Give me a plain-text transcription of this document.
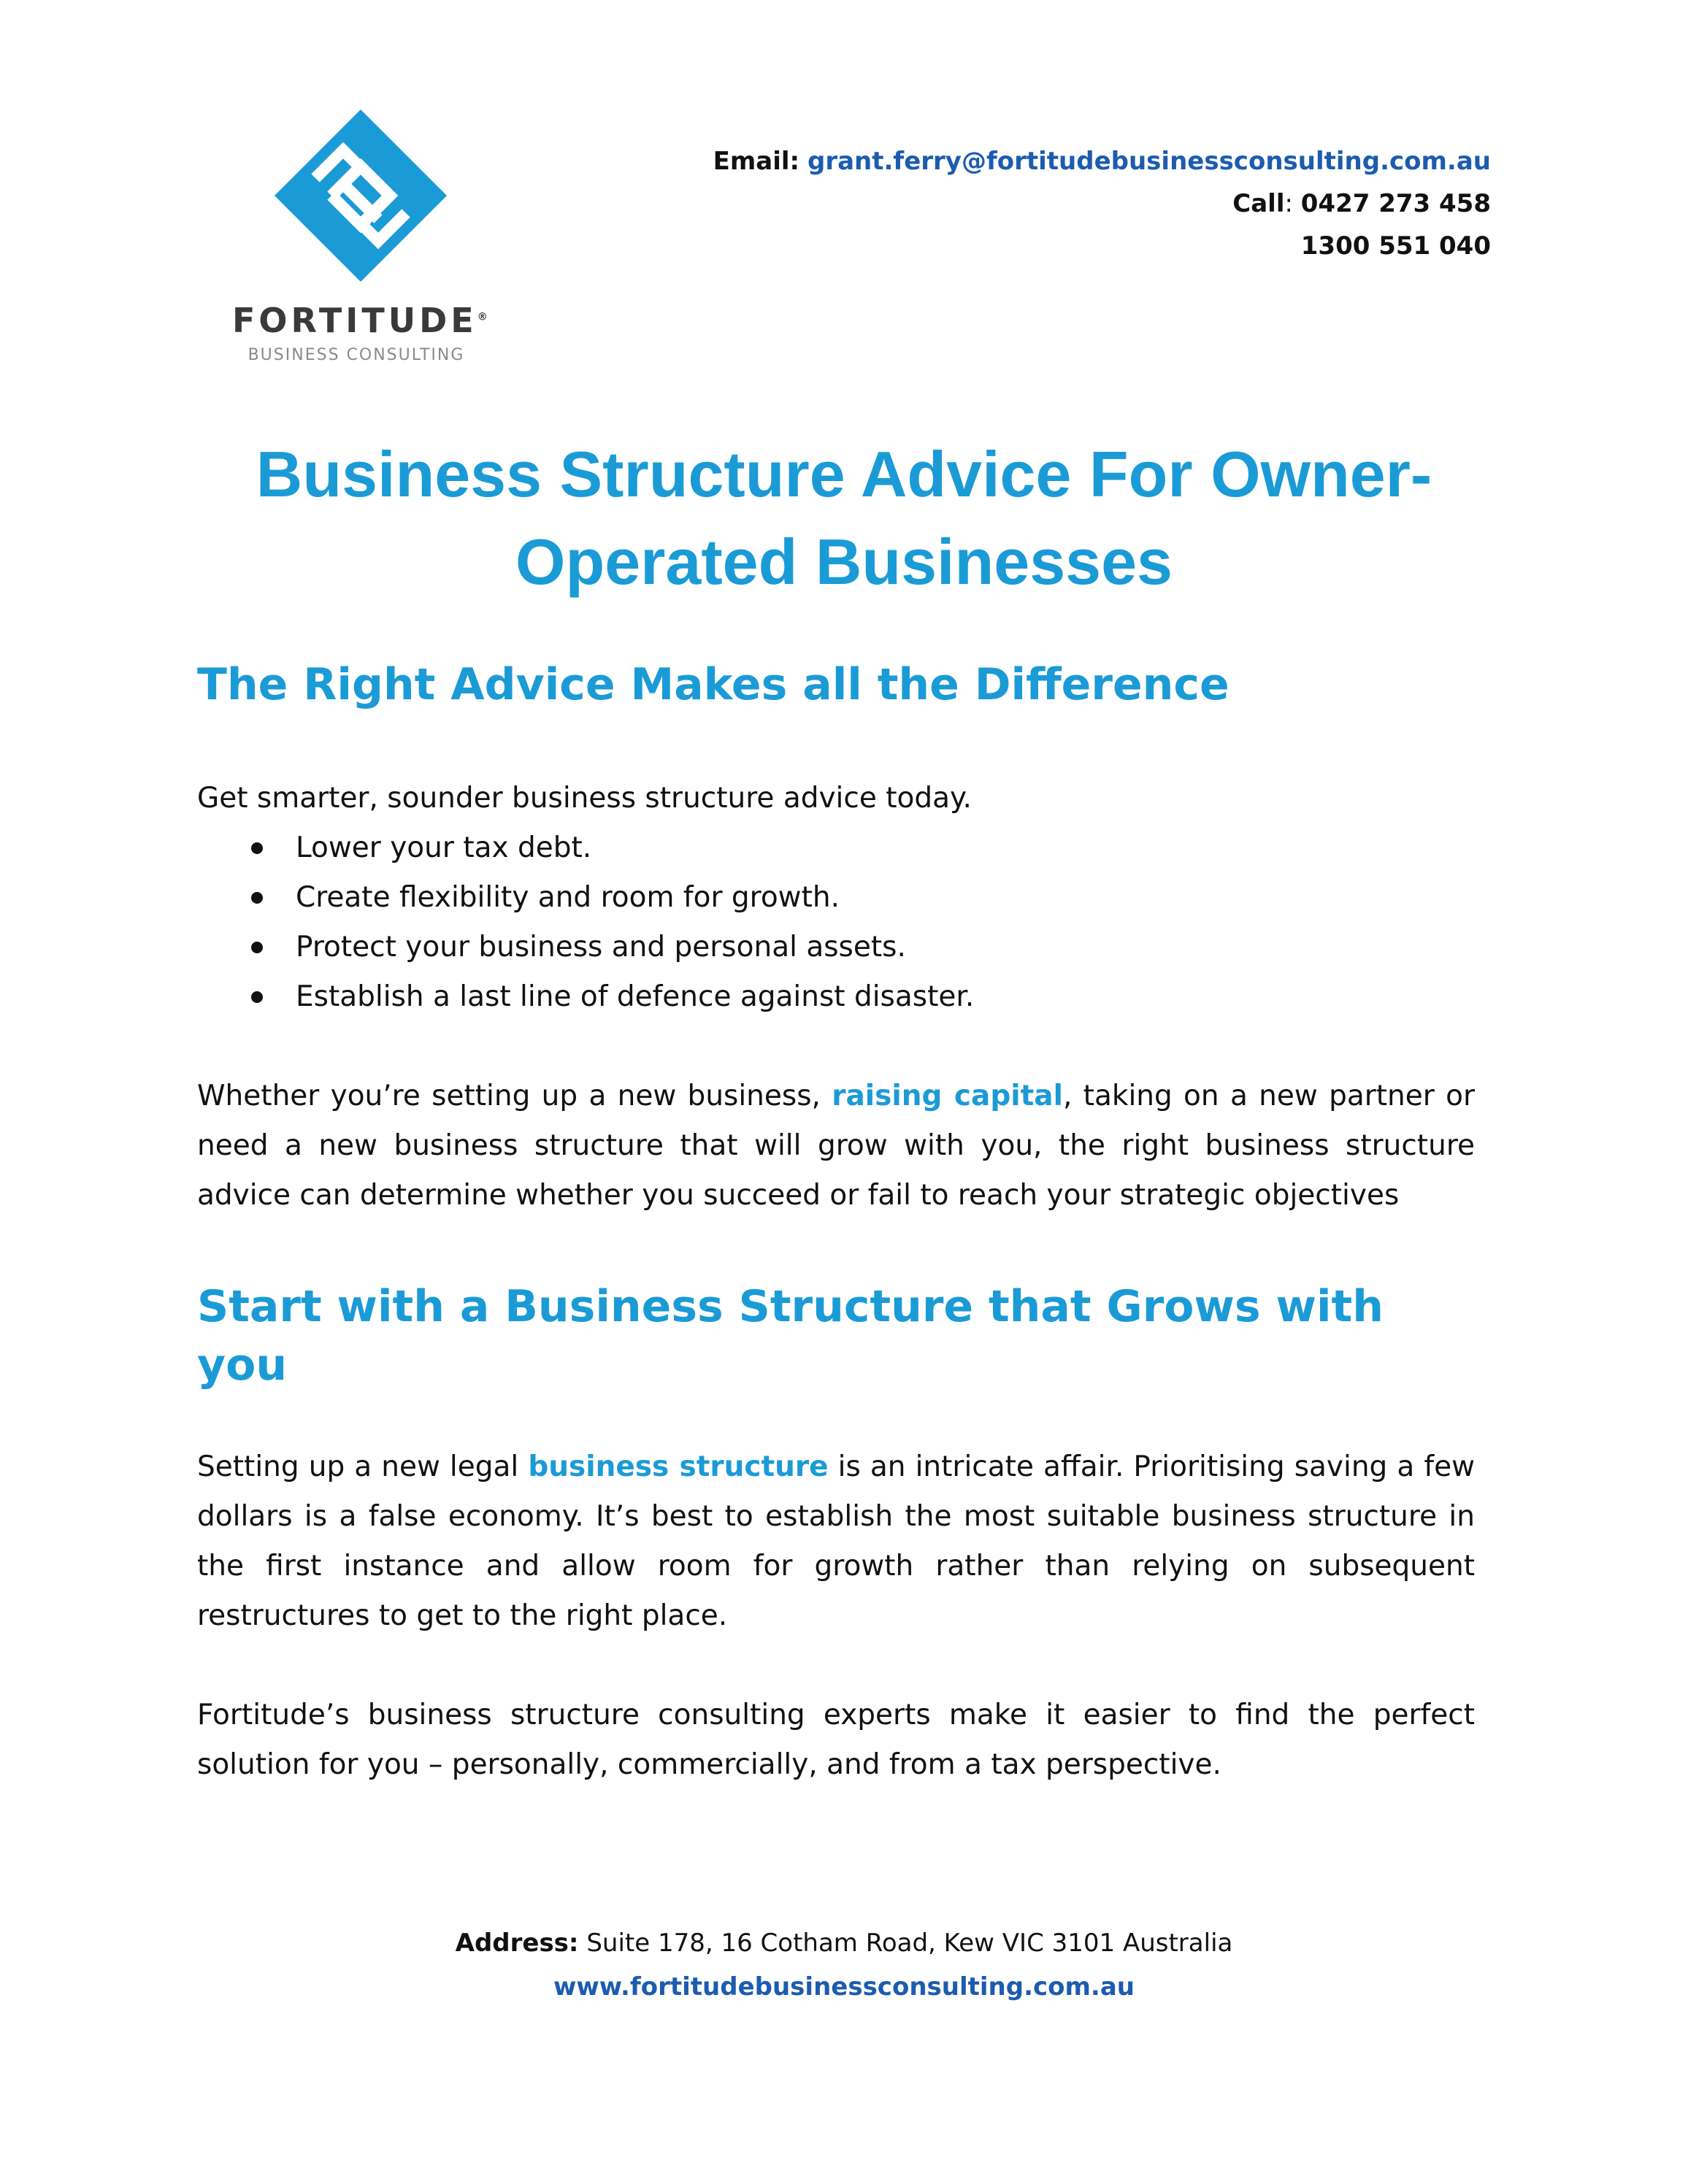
FORTITUDE®
BUSINESS CONSULTING
Email: grant.ferry@fortitudebusinessconsulting.com.au
Call: 0427 273 458
1300 551 040
Business Structure Advice For Owner-
Operated Businesses
The Right Advice Makes all the Difference

Get smarter, sounder business structure advice today.

Lower your tax debt.
Create flexibility and room for growth.
Protect your business and personal assets.
Establish a last line of defence against disaster.

Whether you’re setting up a new business, raising capital, taking on a new partner or need a new business structure that will grow with you, the right business structure advice can determine whether you succeed or fail to reach your strategic objectives

Start with a Business Structure that Grows with you

Setting up a new legal business structure is an intricate affair. Prioritising saving a few dollars is a false economy. It’s best to establish the most suitable business structure in the first instance and allow room for growth rather than relying on subsequent restructures to get to the right place.

Fortitude’s business structure consulting experts make it easier to find the perfect solution for you – personally, commercially, and from a tax perspective.

Address: Suite 178, 16 Cotham Road, Kew VIC 3101 Australia
www.fortitudebusinessconsulting.com.au
